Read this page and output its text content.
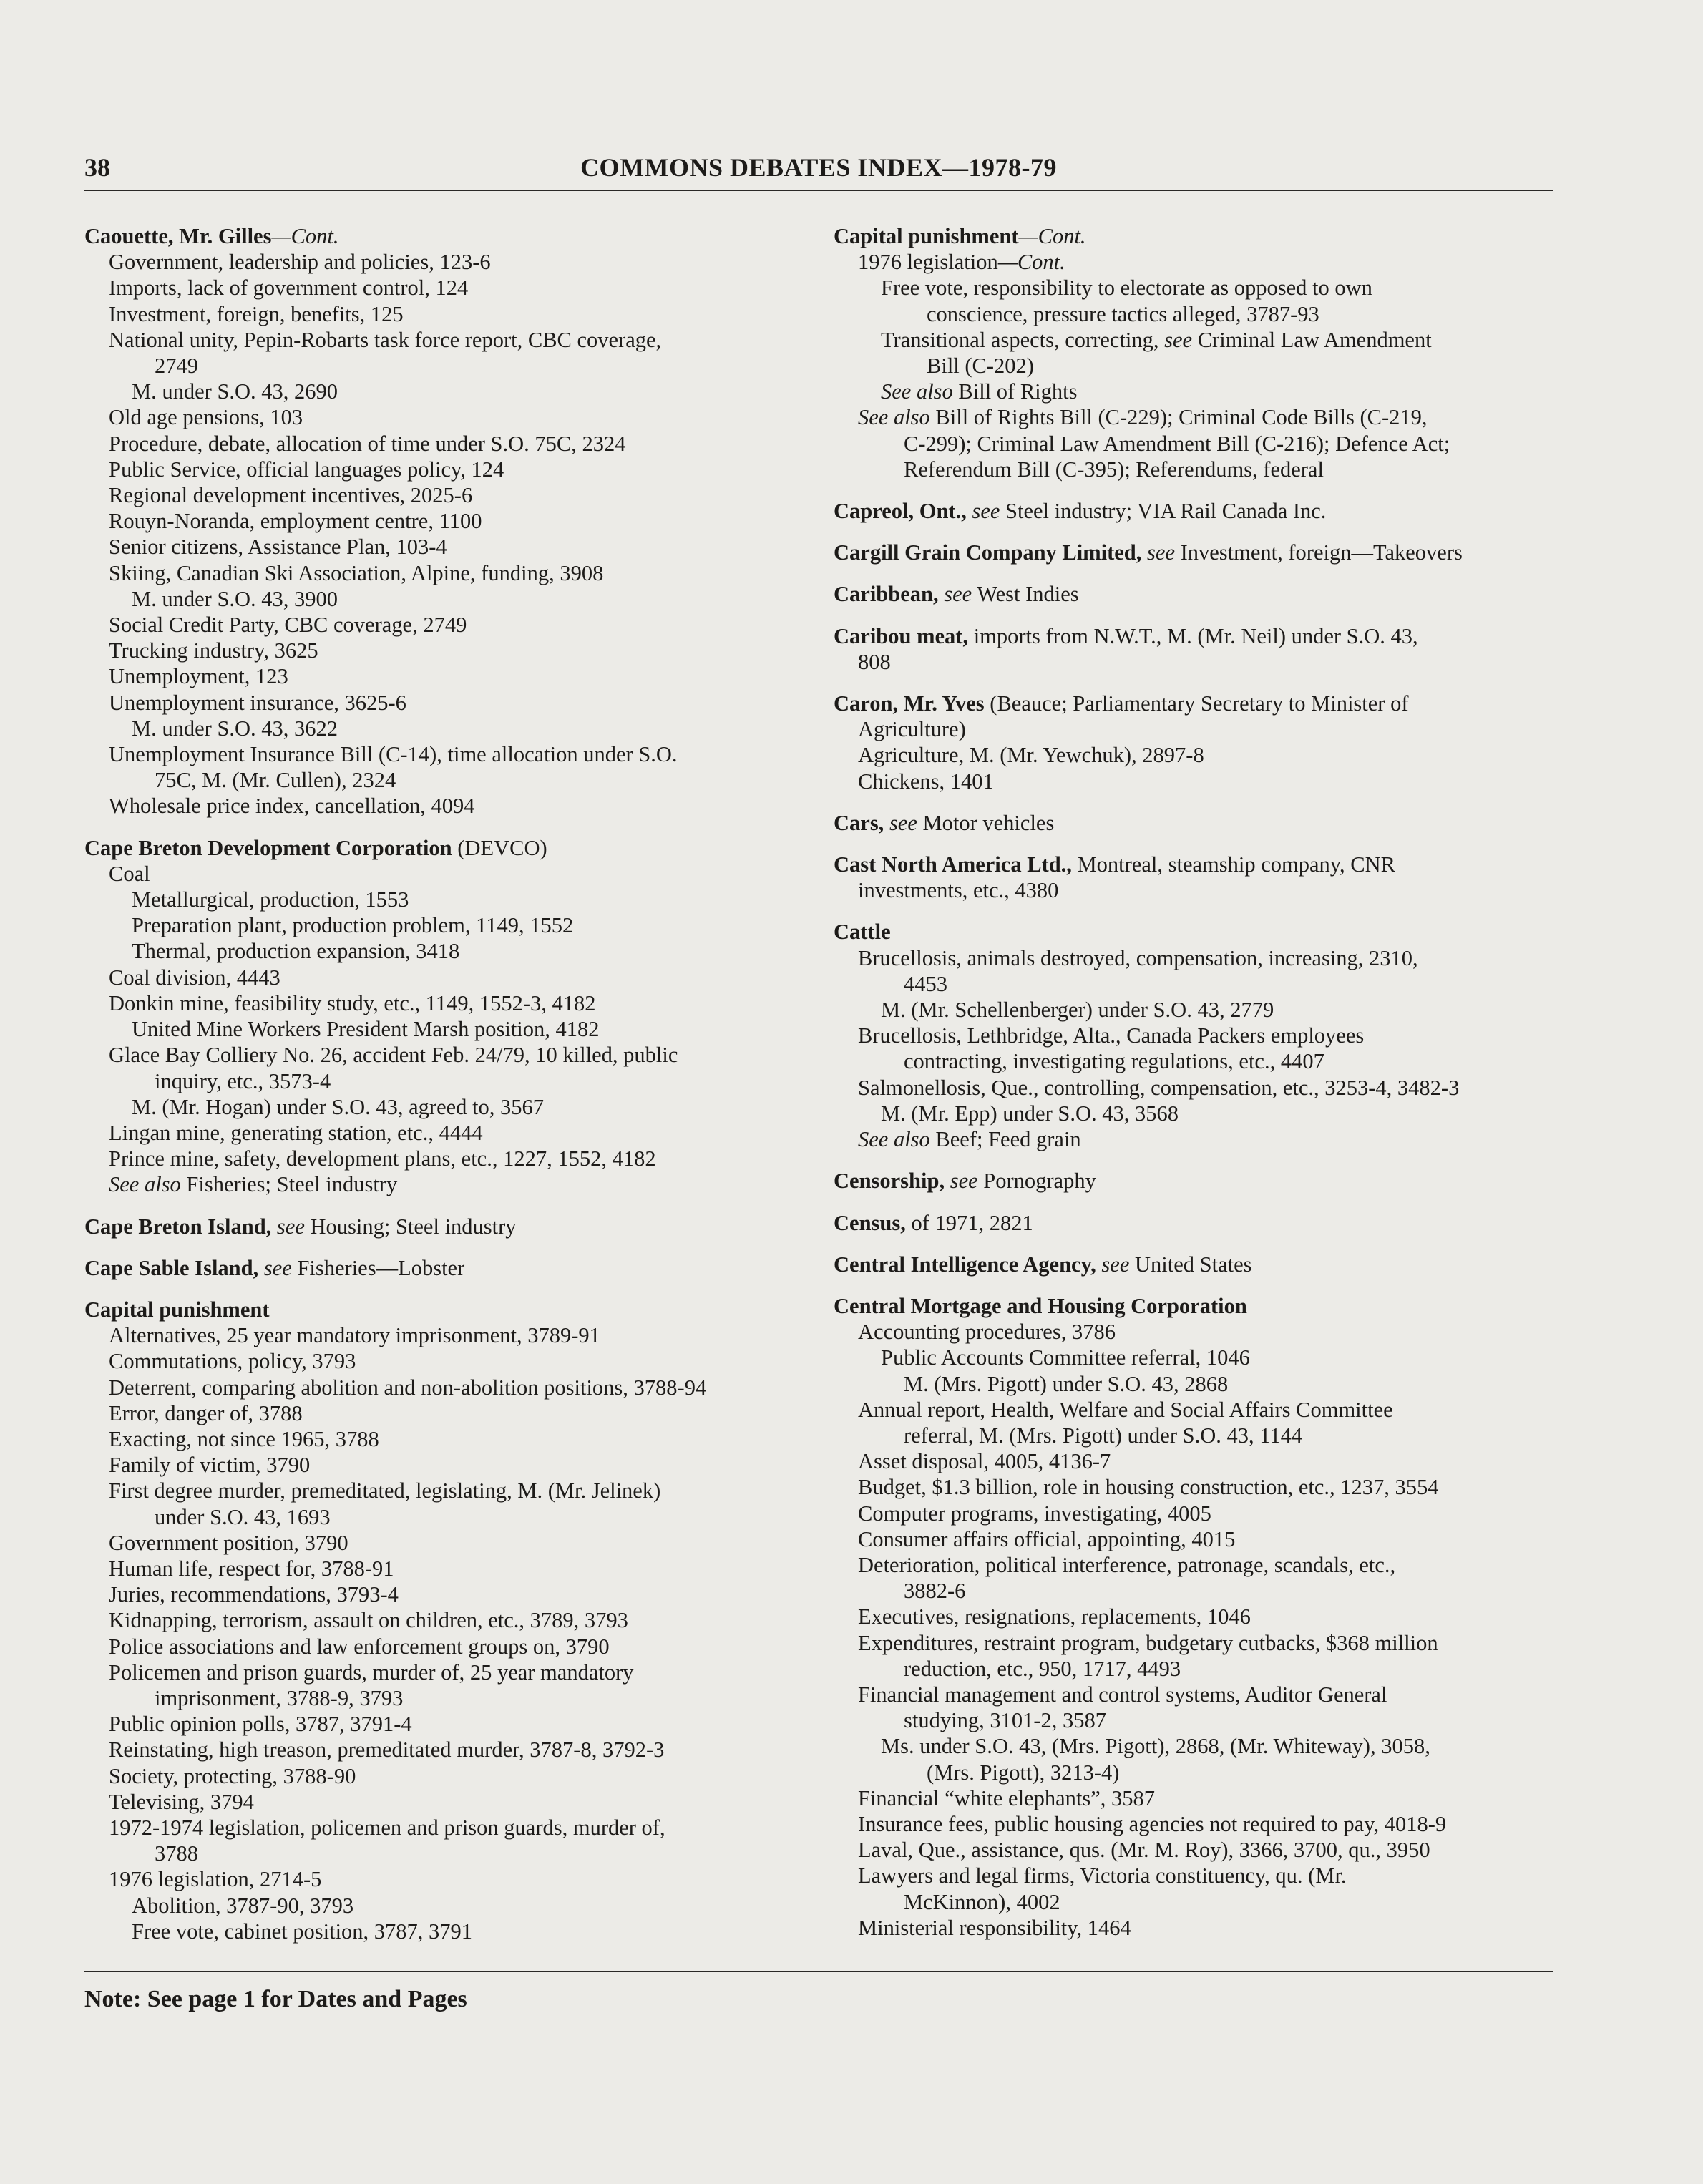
38	COMMONS DEBATES INDEX—1978-79
Caouette, Mr. Gilles—Cont.
Government, leadership and policies, 123-6
Imports, lack of government control, 124
Investment, foreign, benefits, 125
National unity, Pepin-Robarts task force report, CBC coverage,
2749
M. under S.O. 43, 2690
Old age pensions, 103
Procedure, debate, allocation of time under S.O. 75C, 2324
Public Service, official languages policy, 124
Regional development incentives, 2025-6
Rouyn-Noranda, employment centre, 1100
Senior citizens, Assistance Plan, 103-4
Skiing, Canadian Ski Association, Alpine, funding, 3908
M. under S.O. 43, 3900
Social Credit Party, CBC coverage, 2749
Trucking industry, 3625
Unemployment, 123
Unemployment insurance, 3625-6
M. under S.O. 43, 3622
Unemployment Insurance Bill (C-14), time allocation under S.O.
75C, M. (Mr. Cullen), 2324
Wholesale price index, cancellation, 4094
Cape Breton Development Corporation (DEVCO)
Coal
Metallurgical, production, 1553
Preparation plant, production problem, 1149, 1552
Thermal, production expansion, 3418
Coal division, 4443
Donkin mine, feasibility study, etc., 1149, 1552-3, 4182
United Mine Workers President Marsh position, 4182
Glace Bay Colliery No. 26, accident Feb. 24/79, 10 killed, public
inquiry, etc., 3573-4
M. (Mr. Hogan) under S.O. 43, agreed to, 3567
Lingan mine, generating station, etc., 4444
Prince mine, safety, development plans, etc., 1227, 1552, 4182
See also Fisheries; Steel industry
Cape Breton Island, see Housing; Steel industry
Cape Sable Island, see Fisheries—Lobster
Capital punishment
Alternatives, 25 year mandatory imprisonment, 3789-91
Commutations, policy, 3793
Deterrent, comparing abolition and non-abolition positions, 3788-94
Error, danger of, 3788
Exacting, not since 1965, 3788
Family of victim, 3790
First degree murder, premeditated, legislating, M. (Mr. Jelinek)
under S.O. 43, 1693
Government position, 3790
Human life, respect for, 3788-91
Juries, recommendations, 3793-4
Kidnapping, terrorism, assault on children, etc., 3789, 3793
Police associations and law enforcement groups on, 3790
Policemen and prison guards, murder of, 25 year mandatory
imprisonment, 3788-9, 3793
Public opinion polls, 3787, 3791-4
Reinstating, high treason, premeditated murder, 3787-8, 3792-3
Society, protecting, 3788-90
Televising, 3794
1972-1974 legislation, policemen and prison guards, murder of,
3788
1976 legislation, 2714-5
Abolition, 3787-90, 3793
Free vote, cabinet position, 3787, 3791
Capital punishment—Cont.
1976 legislation—Cont.
Free vote, responsibility to electorate as opposed to own
conscience, pressure tactics alleged, 3787-93
Transitional aspects, correcting, see Criminal Law Amendment
Bill (C-202)
See also Bill of Rights
See also Bill of Rights Bill (C-229); Criminal Code Bills (C-219,
C-299); Criminal Law Amendment Bill (C-216); Defence Act;
Referendum Bill (C-395); Referendums, federal
Capreol, Ont., see Steel industry; VIA Rail Canada Inc.
Cargill Grain Company Limited, see Investment, foreign—Takeovers
Caribbean, see West Indies
Caribou meat, imports from N.W.T., M. (Mr. Neil) under S.O. 43,
808
Caron, Mr. Yves (Beauce; Parliamentary Secretary to Minister of
Agriculture)
Agriculture, M. (Mr. Yewchuk), 2897-8
Chickens, 1401
Cars, see Motor vehicles
Cast North America Ltd., Montreal, steamship company, CNR
investments, etc., 4380
Cattle
Brucellosis, animals destroyed, compensation, increasing, 2310,
4453
M. (Mr. Schellenberger) under S.O. 43, 2779
Brucellosis, Lethbridge, Alta., Canada Packers employees
contracting, investigating regulations, etc., 4407
Salmonellosis, Que., controlling, compensation, etc., 3253-4, 3482-3
M. (Mr. Epp) under S.O. 43, 3568
See also Beef; Feed grain
Censorship, see Pornography
Census, of 1971, 2821
Central Intelligence Agency, see United States
Central Mortgage and Housing Corporation
Accounting procedures, 3786
Public Accounts Committee referral, 1046
M. (Mrs. Pigott) under S.O. 43, 2868
Annual report, Health, Welfare and Social Affairs Committee
referral, M. (Mrs. Pigott) under S.O. 43, 1144
Asset disposal, 4005, 4136-7
Budget, $1.3 billion, role in housing construction, etc., 1237, 3554
Computer programs, investigating, 4005
Consumer affairs official, appointing, 4015
Deterioration, political interference, patronage, scandals, etc.,
3882-6
Executives, resignations, replacements, 1046
Expenditures, restraint program, budgetary cutbacks, $368 million
reduction, etc., 950, 1717, 4493
Financial management and control systems, Auditor General
studying, 3101-2, 3587
Ms. under S.O. 43, (Mrs. Pigott), 2868, (Mr. Whiteway), 3058,
(Mrs. Pigott), 3213-4)
Financial “white elephants”, 3587
Insurance fees, public housing agencies not required to pay, 4018-9
Laval, Que., assistance, qus. (Mr. M. Roy), 3366, 3700, qu., 3950
Lawyers and legal firms, Victoria constituency, qu. (Mr.
McKinnon), 4002
Ministerial responsibility, 1464
Note: See page 1 for Dates and Pages
